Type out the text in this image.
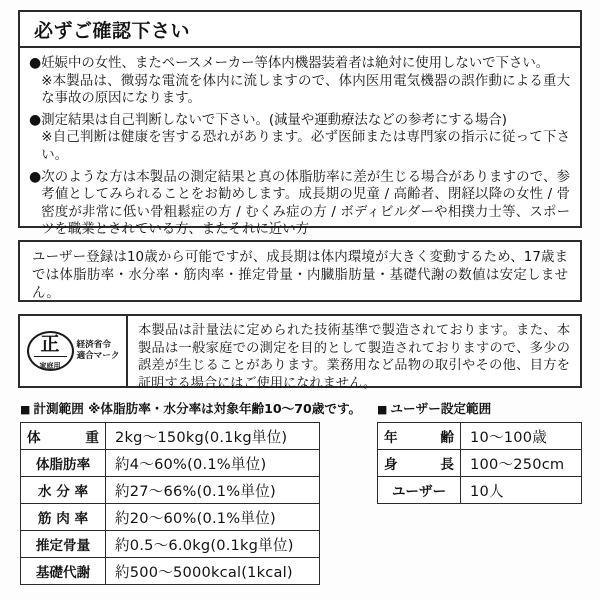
必ずご確認下さい
● 妊娠中の女性、またペースメーカー等体内機器装着者は絶対に使用しないで下さい。
※本製品は、微弱な電流を体内に流しますので、体内医用電気機器の誤作動による重大な事故の原因になります。
● 測定結果は自己判断しないで下さい。(減量や運動療法などの参考にする場合)
※自己判断は健康を害する恐れがあります。必ず医師または専門家の指示に従って下さい。
● 次のような方は本製品の測定結果と真の体脂肪率に差が生じる場合がありますので、参考値としてみられることをお勧めします。成長期の児童 / 高齢者、閉経以降の女性 / 骨密度が非常に低い骨粗鬆症の方 / むくみ症の方 / ボディビルダーや相撲力士等、スポーツを職業とされている方、またそれに近い方
ユーザー登録は10歳から可能ですが、成長期は体内環境が大きく変動するため、17歳までは体脂肪率・水分率・筋肉率・推定骨量・内臓脂肪量・基礎代謝の数値は安定しません。
正
家庭用
経済省令
適合マーク
本製品は計量法に定められた技術基準で製造されております。また、本製品は一般家庭での測定を目的として製造されておりますので、多少の誤差が生じることがあります。業務用など品物の取引やその他、目方を証明する場合にはご使用になれません。
■ 計測範囲 ※体脂肪率・水分率は対象年齢10〜70歳です。 ■ ユーザー設定範囲
体 重	2kg〜150kg(0.1kg単位)
体脂肪率	約4〜60%(0.1%単位)
水 分 率	約27〜66%(0.1%単位)
筋 肉 率	約20〜60%(0.1%単位)
推定骨量	約0.5〜6.0kg(0.1kg単位)
基礎代謝	約500〜5000kcal(1kcal)
年 齢	10〜100歳

身 長	100〜250cm
ユーザー	10人
